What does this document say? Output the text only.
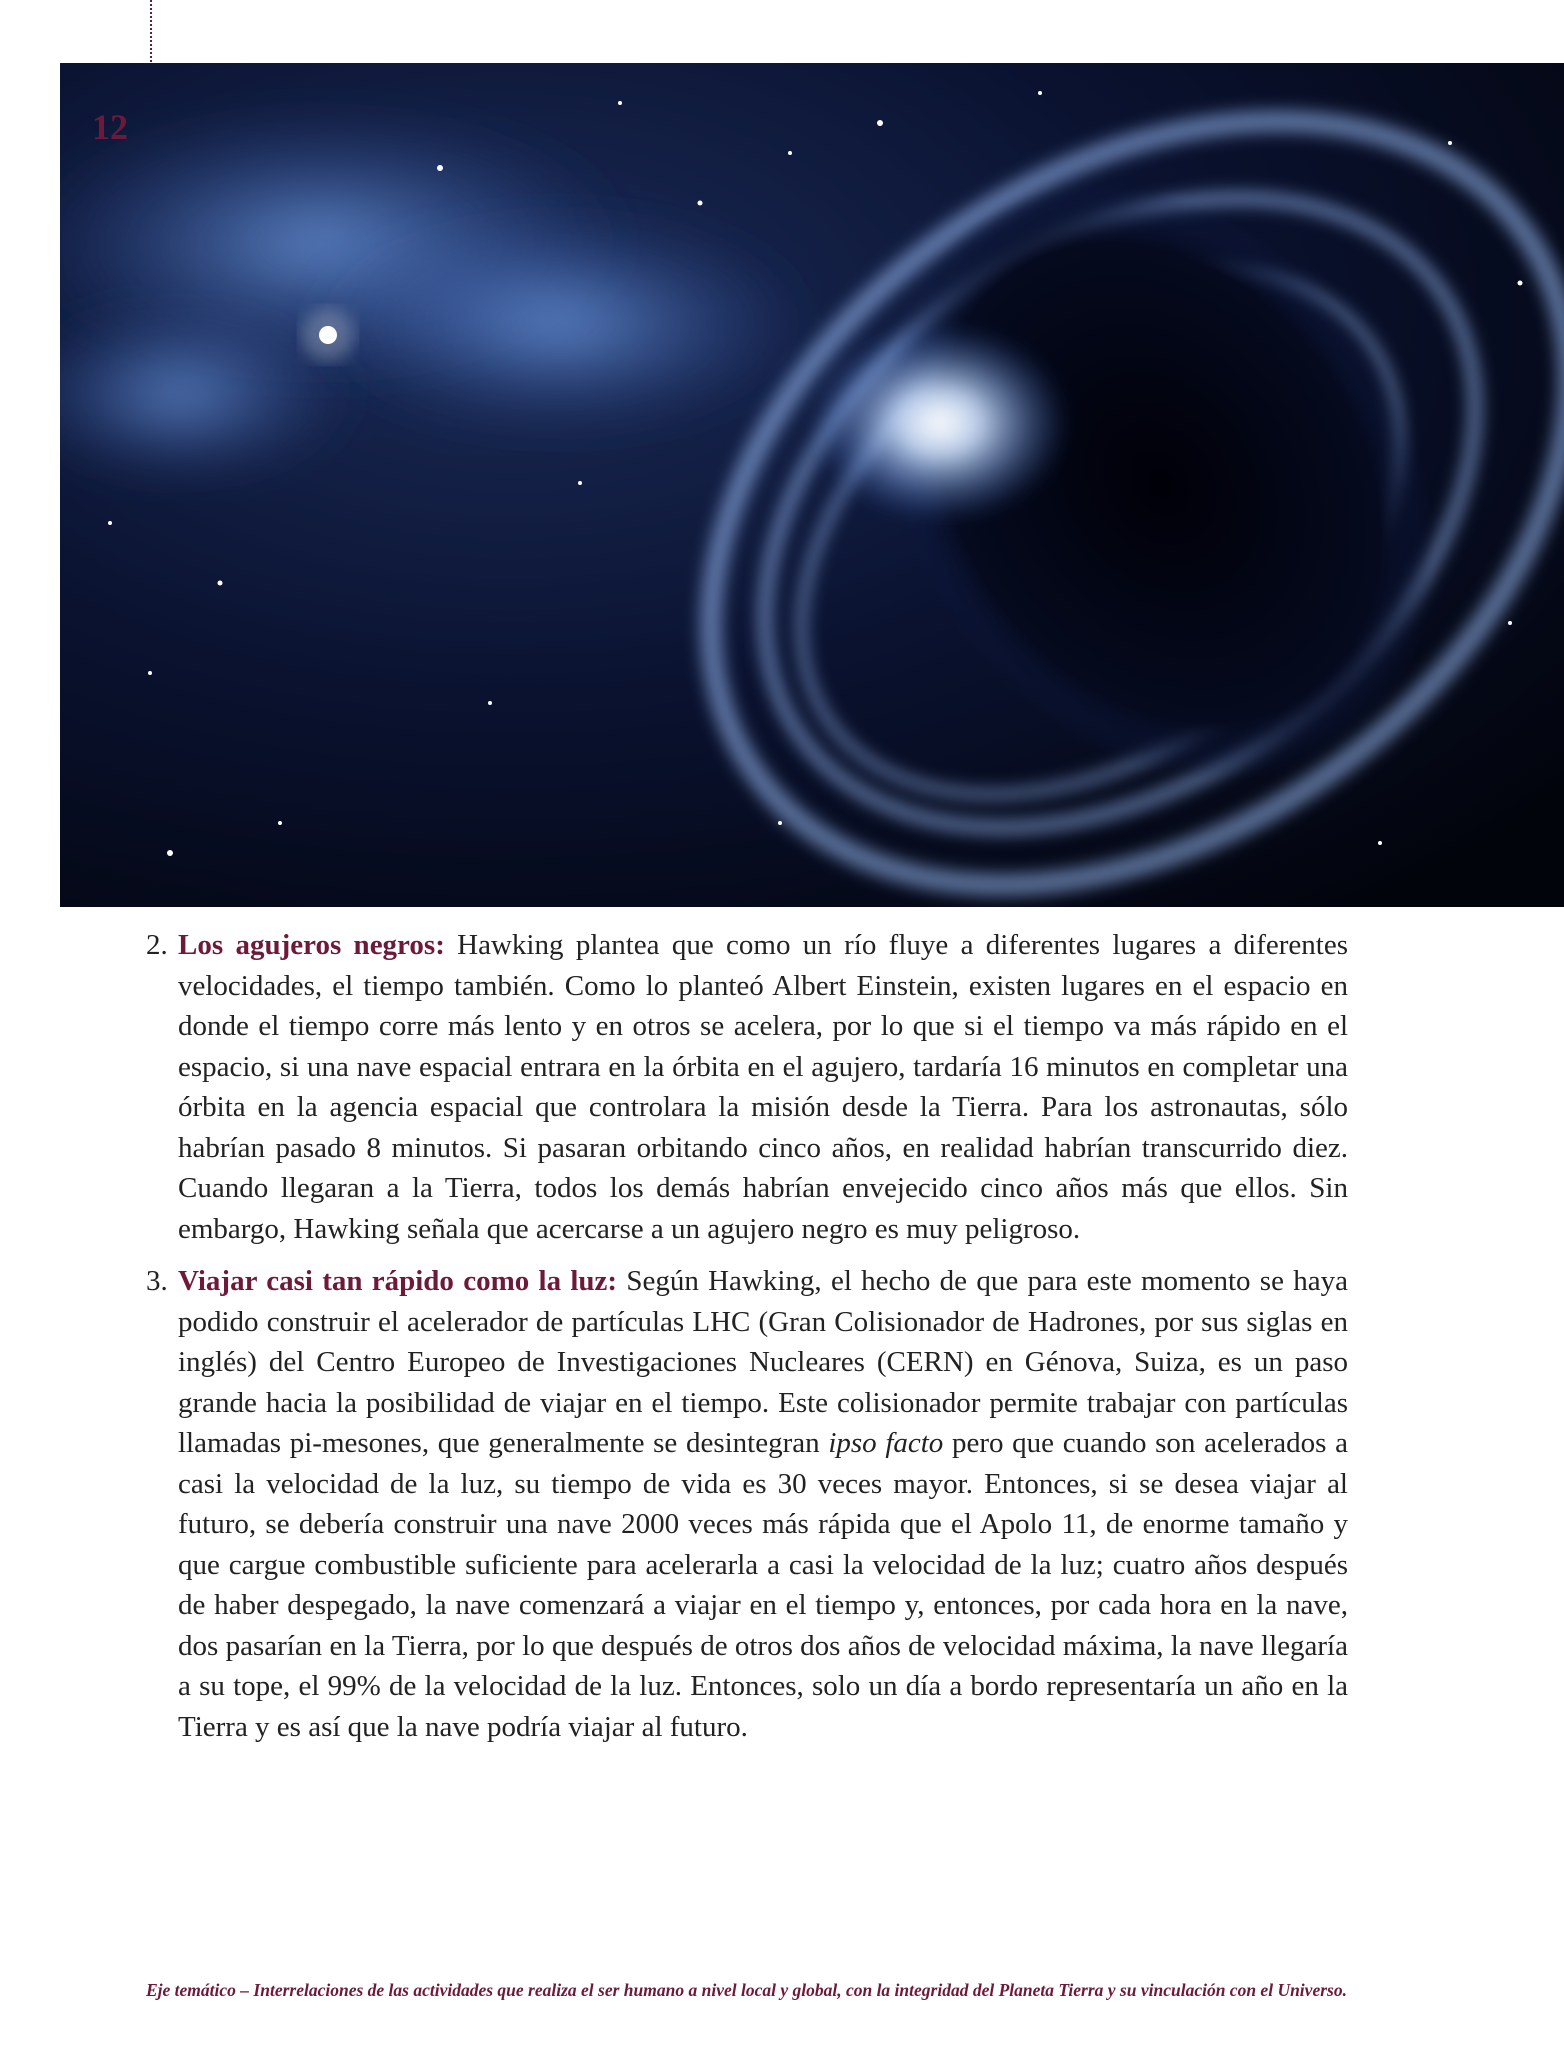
12
2. Los agujeros negros: Hawking plantea que como un río fluye a diferentes lugares a diferentes velocidades, el tiempo también. Como lo planteó Albert Einstein, existen lugares en el espacio en donde el tiempo corre más lento y en otros se acelera, por lo que si el tiempo va más rápido en el espacio, si una nave espacial entrara en la órbita en el agujero, tardaría 16 minutos en completar una órbita en la agencia espacial que controlara la misión desde la Tierra. Para los astronautas, sólo habrían pasado 8 minutos. Si pasaran orbitando cinco años, en realidad habrían transcurrido diez. Cuando llegaran a la Tierra, todos los demás habrían envejecido cinco años más que ellos. Sin embargo, Hawking señala que acercarse a un agujero negro es muy peligroso.
3. Viajar casi tan rápido como la luz: Según Hawking, el hecho de que para este momento se haya podido construir el acelerador de partículas LHC (Gran Colisionador de Hadrones, por sus siglas en inglés) del Centro Europeo de Investigaciones Nucleares (CERN) en Génova, Suiza, es un paso grande hacia la posibilidad de viajar en el tiempo. Este colisionador permite trabajar con partículas llamadas pi-mesones, que generalmente se desintegran ipso facto pero que cuando son acelerados a casi la velocidad de la luz, su tiempo de vida es 30 veces mayor. Entonces, si se desea viajar al futuro, se debería construir una nave 2000 veces más rápida que el Apolo 11, de enorme tamaño y que cargue combustible suficiente para acelerarla a casi la velocidad de la luz; cuatro años después de haber despegado, la nave comenzará a viajar en el tiempo y, entonces, por cada hora en la nave, dos pasarían en la Tierra, por lo que después de otros dos años de velocidad máxima, la nave llegaría a su tope, el 99% de la velocidad de la luz. Entonces, solo un día a bordo representaría un año en la Tierra y es así que la nave podría viajar al futuro.
Eje temático – Interrelaciones de las actividades que realiza el ser humano a nivel local y global, con la integridad del Planeta Tierra y su vinculación con el Universo.
